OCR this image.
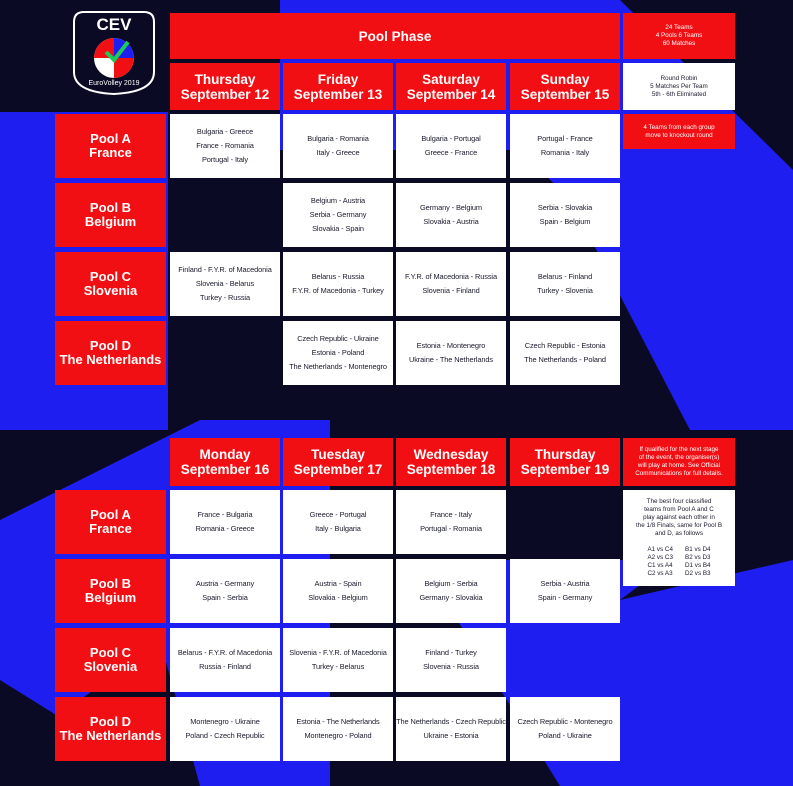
CEV
EuroVolley 2019
Pool Phase
24 Teams
4 Pools 6 Teams
60 Matches
Round Robin
5 Matches Per Team
5th - 6th Eliminated
4 Teams from each group
move to knockout round
If qualified for the next stage
of the event, the organiser(s)
will play at home. See Official
Communications for full details.
The best four classified
teams from Pool A and C
play against each other in
the 1/8 Finals, same for Pool B
and D, as follows
A1 vs C4
A2 vs C3
C1 vs A4
C2 vs A3
B1 vs D4
B2 vs D3
D1 vs B4
D2 vs B3
Thursday
September 12
Friday
September 13
Saturday
September 14
Sunday
September 15
Pool A
France
Bulgaria - Greece
France - Romania
Portugal - Italy
Bulgaria - Romania
Italy - Greece
Bulgaria - Portugal
Greece - France
Portugal - France
Romania - Italy
Pool B
Belgium
Belgium - Austria
Serbia - Germany
Slovakia - Spain
Germany - Belgium
Slovakia - Austria
Serbia - Slovakia
Spain - Belgium
Pool C
Slovenia
Finland - F.Y.R. of Macedonia
Slovenia - Belarus
Turkey - Russia
Belarus - Russia
F.Y.R. of Macedonia - Turkey
F.Y.R. of Macedonia - Russia
Slovenia - Finland
Belarus - Finland
Turkey - Slovenia
Pool D
The Netherlands
Czech Republic - Ukraine
Estonia - Poland
The Netherlands - Montenegro
Estonia - Montenegro
Ukraine - The Netherlands
Czech Republic - Estonia
The Netherlands - Poland
Monday
September 16
Tuesday
September 17
Wednesday
September 18
Thursday
September 19
Pool A
France
France - Bulgaria
Romania - Greece
Greece - Portugal
Italy - Bulgaria
France - Italy
Portugal - Romania
Pool B
Belgium
Austria - Germany
Spain - Serbia
Austria - Spain
Slovakia - Belgium
Belgium - Serbia
Germany - Slovakia
Serbia - Austria
Spain - Germany
Pool C
Slovenia
Belarus - F.Y.R. of Macedonia
Russia - Finland
Slovenia - F.Y.R. of Macedonia
Turkey - Belarus
Finland - Turkey
Slovenia - Russia
Pool D
The Netherlands
Montenegro - Ukraine
Poland - Czech Republic
Estonia - The Netherlands
Montenegro - Poland
The Netherlands - Czech Republic
Ukraine - Estonia
Czech Republic - Montenegro
Poland - Ukraine
